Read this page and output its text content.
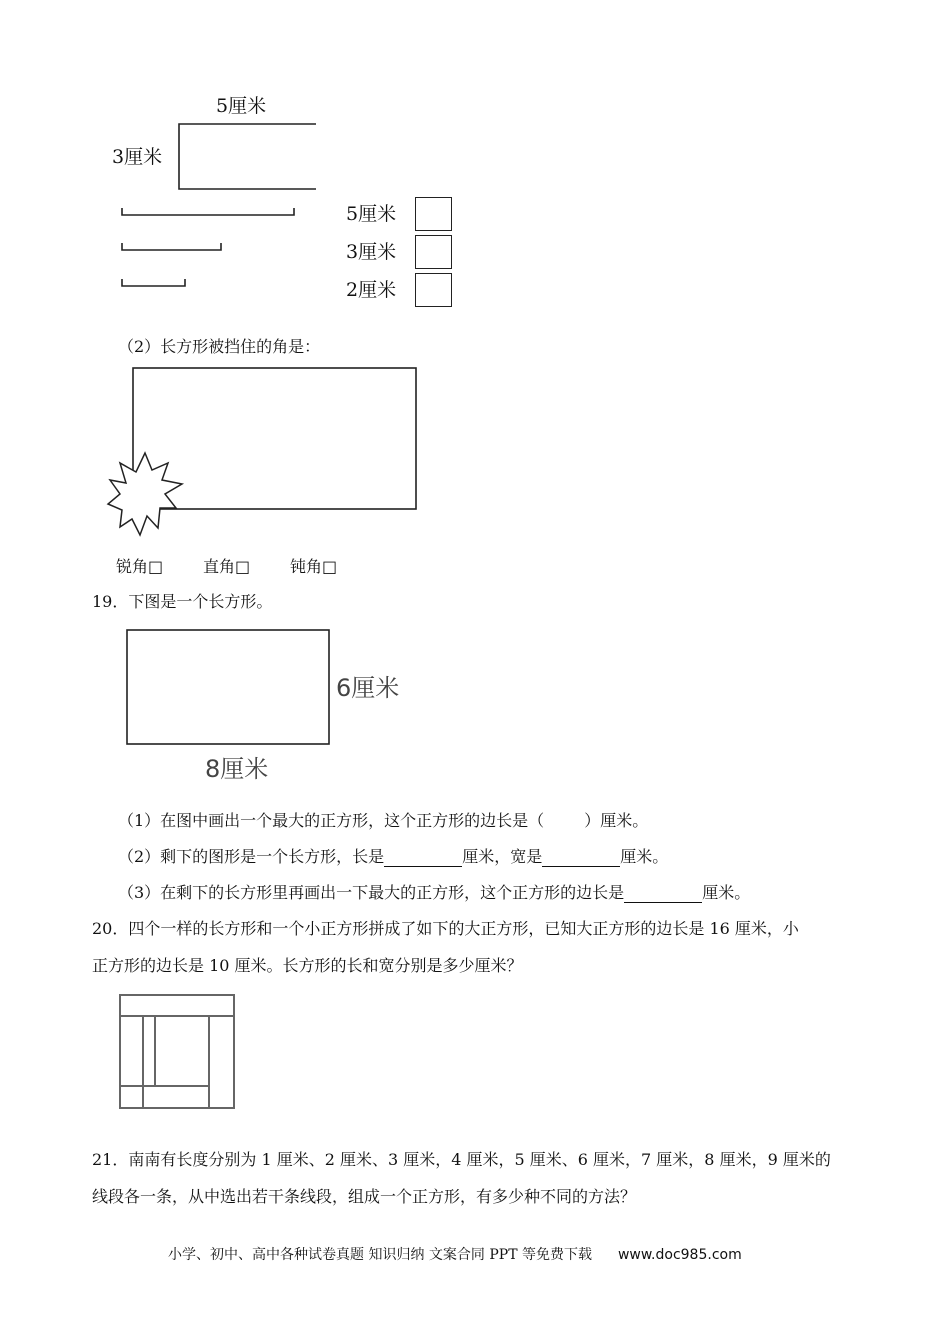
5厘米
3厘米
5厘米
3厘米
2厘米
（2）长方形被挡住的角是：
锐角□ 直角□ 钝角□
19．下图是一个长方形。
6厘米
8厘米
（1）在图中画出一个最大的正方形，这个正方形的边长是（	）厘米。
（2）剩下的图形是一个长方形，长是	厘米，宽是	厘米。
（3）在剩下的长方形里再画出一下最大的正方形，这个正方形的边长是	厘米。
20．四个一样的长方形和一个小正方形拼成了如下的大正方形，已知大正方形的边长是 16 厘米，小
正方形的边长是 10 厘米。长方形的长和宽分别是多少厘米？
21．南南有长度分别为 1 厘米、2 厘米、3 厘米，4 厘米，5 厘米、6 厘米，7 厘米，8 厘米，9 厘米的
线段各一条，从中选出若干条线段，组成一个正方形，有多少种不同的方法？
小学、初中、高中各种试卷真题 知识归纳 文案合同 PPT 等免费下载 www.doc985.com
